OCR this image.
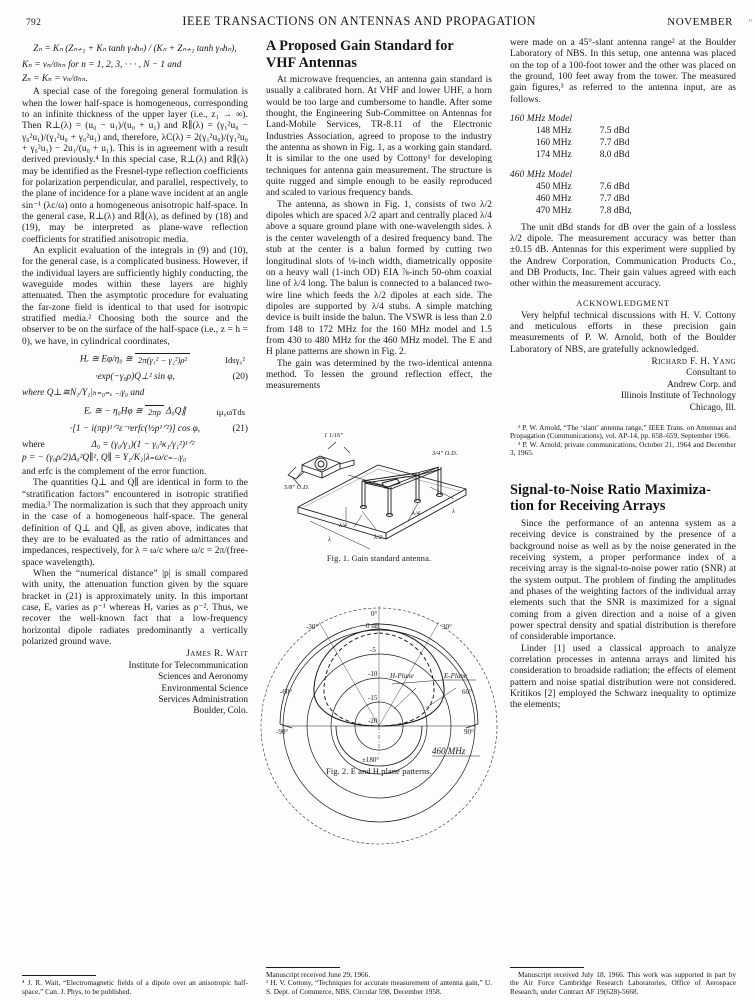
792	IEEE TRANSACTIONS ON ANTENNAS AND PROPAGATION	NOVEMBER "
Zₙ = Kₙ (Zₙ₊₁ + Kₙ tanh γₙhₙ) / (Kₙ + Zₙ₊₁ tanh γₙhₙ),
Kₙ = vₙ/σₕₙ for n = 1, 2, 3, · · · , N − 1 and
Zₙ = Kₙ = vₙ/σₕₙ.

A special case of the foregoing general formulation is when the lower half-space is homogeneous, corresponding to an infinite thickness of the upper layer (i.e., z₁ → ∞). Then R⊥(λ) = (u₀ − u₁)/(u₀ + u₁) and R∥(λ) = (γ₁²u₀ − γ₀²u₁)/(γ₁²u₀ + γ₀²u₁) and, therefore, λC(λ) = 2(γ₁²u₀)/(γ₁²u₀ + γ₀²u₁) − 2u₁/(u₀ + u₁). This is in agreement with a result derived previously.⁴ In this special case, R⊥(λ) and R∥(λ) may be identified as the Fresnel-type reflection coefficients for polarization perpendicular, and parallel, respectively, to the plane of incidence for a plane wave incident at an angle sin⁻¹ (λc/ω) onto a homogeneous anisotropic half-space. In the general case, R⊥(λ) and R∥(λ), as defined by (18) and (19), may be interpreted as plane-wave reflection coefficients for stratified anisotropic media.

An explicit evaluation of the integrals in (9) and (10), for the general case, is a complicated business. However, if the individual layers are sufficiently highly conducting, the waveguide modes within these layers are highly attenuated. Then the asymptotic procedure for evaluating the far-zone field is identical to that used for isotropic stratified media.² Choosing both the source and the observer to be on the surface of the half-space (i.e., z = h = 0), we have, in cylindrical coordinates,

Hᵣ ≅ Eφ/η₀ ≅	Idsγ₀²
2π(γ₁² − γ₂²)ρ²
·exp(−γ₀ρ)Q⊥² sin φ,	(20)
where Q⊥≅N₁/Y₁|ₕ₌₀₌ₑ ₋ᵢγ₀ and
Eᵣ ≅ − η₀Hφ ≅	iμ₀ωTds
2πρ Δ₀Q∥
·[1 − i(πp)¹ᐟ²ε⁻ᵖerfc(½p¹ᐟ²)] cos φ,	(21)
where	Δ₀ = (γ₀/γ₁)(1 − γ₀²κ₁/γ₁²)¹ᐟ²
p = − (γ₀ρ/2)Δ₀²Q∥², Q∥ = Y₁/K₁|λ₌ω/c₌₋ᵢγ₀

and erfc is the complement of the error function.

The quantities Q⊥ and Q∥ are identical in form to the “stratification factors” encountered in isotropic stratified media.³ The normalization is such that they approach unity in the case of a homogeneous half-space. The general definition of Q⊥ and Q∥, as given above, indicates that they are to be evaluated as the ratio of admittances and impedances, respectively, for λ = ω/c where ω/c = 2π/(free-space wavelength).

When the “numerical distance” |p| is small compared with unity, the attenuation function given by the square bracket in (21) is approximately unity. In this important case, Eᵣ varies as ρ⁻¹ whereas Hᵣ varies as ρ⁻². Thus, we recover the well-known fact that a low-frequency horizontal dipole radiates predominantly a vertically polarized ground wave.

James R. Wait
Institute for Telecommunication
Sciences and Aeronomy
Environmental Science
Services Administration
Boulder, Colo.

⁴ J. R. Wait, “Electromagnetic fields of a dipole over an anisotropic half-space,” Can. J. Phys, to be published.

A Proposed Gain Standard for
VHF Antennas

At microwave frequencies, an antenna gain standard is usually a calibrated horn. At VHF and lower UHF, a horn would be too large and cumbersome to handle. After some thought, the Engineering Sub-Committee on Antennas for Land-Mobile Services, TR-8.11 of the Electronic Industries Association, agreed to propose to the industry the antenna as shown in Fig. 1, as a working gain standard. It is similar to the one used by Cottony¹ for developing techniques for antenna gain measurement. The structure is quite rugged and simple enough to be easily reproduced and scaled to various frequency bands.

The antenna, as shown in Fig. 1, consists of two λ/2 dipoles which are spaced λ/2 apart and centrally placed λ/4 above a square ground plane with one-wavelength sides. λ is the center wavelength of a desired frequency band. The stub at the center is a balun formed by cutting two longitudinal slots of ⅛-inch width, diametrically opposite on a heavy wall (1-inch OD) EIA ⅞-inch 50-ohm coaxial line of λ/4 long. The balun is connected to a balanced two-wire line which feeds the λ/2 dipoles at each side. The dipoles are supported by λ/4 stubs. A simple matching device is built inside the balun. The VSWR is less than 2.0 from 148 to 172 MHz for the 160 MHz model and 1.5 from 430 to 480 MHz for the 460 MHz model. The E and H plane patterns are shown in Fig. 2.

The gain was determined by the two-identical antenna method. To lessen the ground reflection effect, the measurements

1 1/16"
3/4" O.D.
5/8" O.D.
λ/4
λ/2
λ/4
λ
λ

Fig. 1. Gain standard antenna.

0°
-30°	30°
-60°	60°
-90°	90°
±180°
0 dB
-5
-10
-15
-20
H-Plane	E-Plane
460 MHz

Fig. 2. E and H plane patterns.

Manuscript received June 29, 1966.

¹ H. V. Cottony, “Techniques for accurate measurement of antenna gain,” U. S. Dept. of Commerce, NBS, Circular 598, December 1958.

were made on a 45°-slant antenna range² at the Boulder Laboratory of NBS. In this setup, one antenna was placed on the top of a 100-foot tower and the other was placed on the ground, 100 feet away from the tower. The measured gain figures,³ as referred to the antenna input, are as follows.

160 MHz Model
148 MHz	7.5 dBd
160 MHz	7.7 dBd
174 MHz	8.0 dBd
460 MHz Model
450 MHz	7.6 dBd
460 MHz	7.7 dBd
470 MHz	7.8 dBd,

The unit dBd stands for dB over the gain of a lossless λ/2 dipole. The measurement accuracy was better than ±0.15 dB. Antennas for this experiment were supplied by the Andrew Corporation, Communication Products Co., and DB Products, Inc. Their gain values agreed with each other within the measurement accuracy.

ACKNOWLEDGMENT

Very helpful technical discussions with H. V. Cottony and meticulous efforts in these precision gain measurements of P. W. Arnold, both of the Boulder Laboratory of NBS, are gratefully acknowledged.

Richard F. H. Yang
Consultant to
Andrew Corp. and
Illinois Institute of Technology
Chicago, Ill.

² P. W. Arnold, “The ‘slant’ antenna range,” IEEE Trans. on Antennas and Propagation (Communications), vol. AP-14, pp. 658–659, September 1966.

³ P. W. Arnold, private communications, October 21, 1964 and December 3, 1965.

Signal-to-Noise Ratio Maximiza-
tion for Receiving Arrays

Since the performance of an antenna system as a receiving device is constrained by the presence of a background noise as well as by the noise generated in the receiving system, a proper performance index of a receiving array is the signal-to-noise power ratio (SNR) at the system output. The problem of finding the amplitudes and phases of the weighting factors of the individual array elements such that the SNR is maximized for a signal coming from a given direction and a noise of a given power spectral density and spatial distribution is therefore of considerable importance.

Linder [1] used a classical approach to analyze correlation processes in antenna arrays and limited his consideration to broadside radiation; the effects of element pattern and noise spatial distribution were not considered. Kritikos [2] employed the Schwarz inequality to optimize the elements;

Manuscript received July 18, 1966. This work was supported in part by the Air Force Cambridge Research Laboratories, Office of Aerospace Research, under Contract AF 19(628)-5668.
